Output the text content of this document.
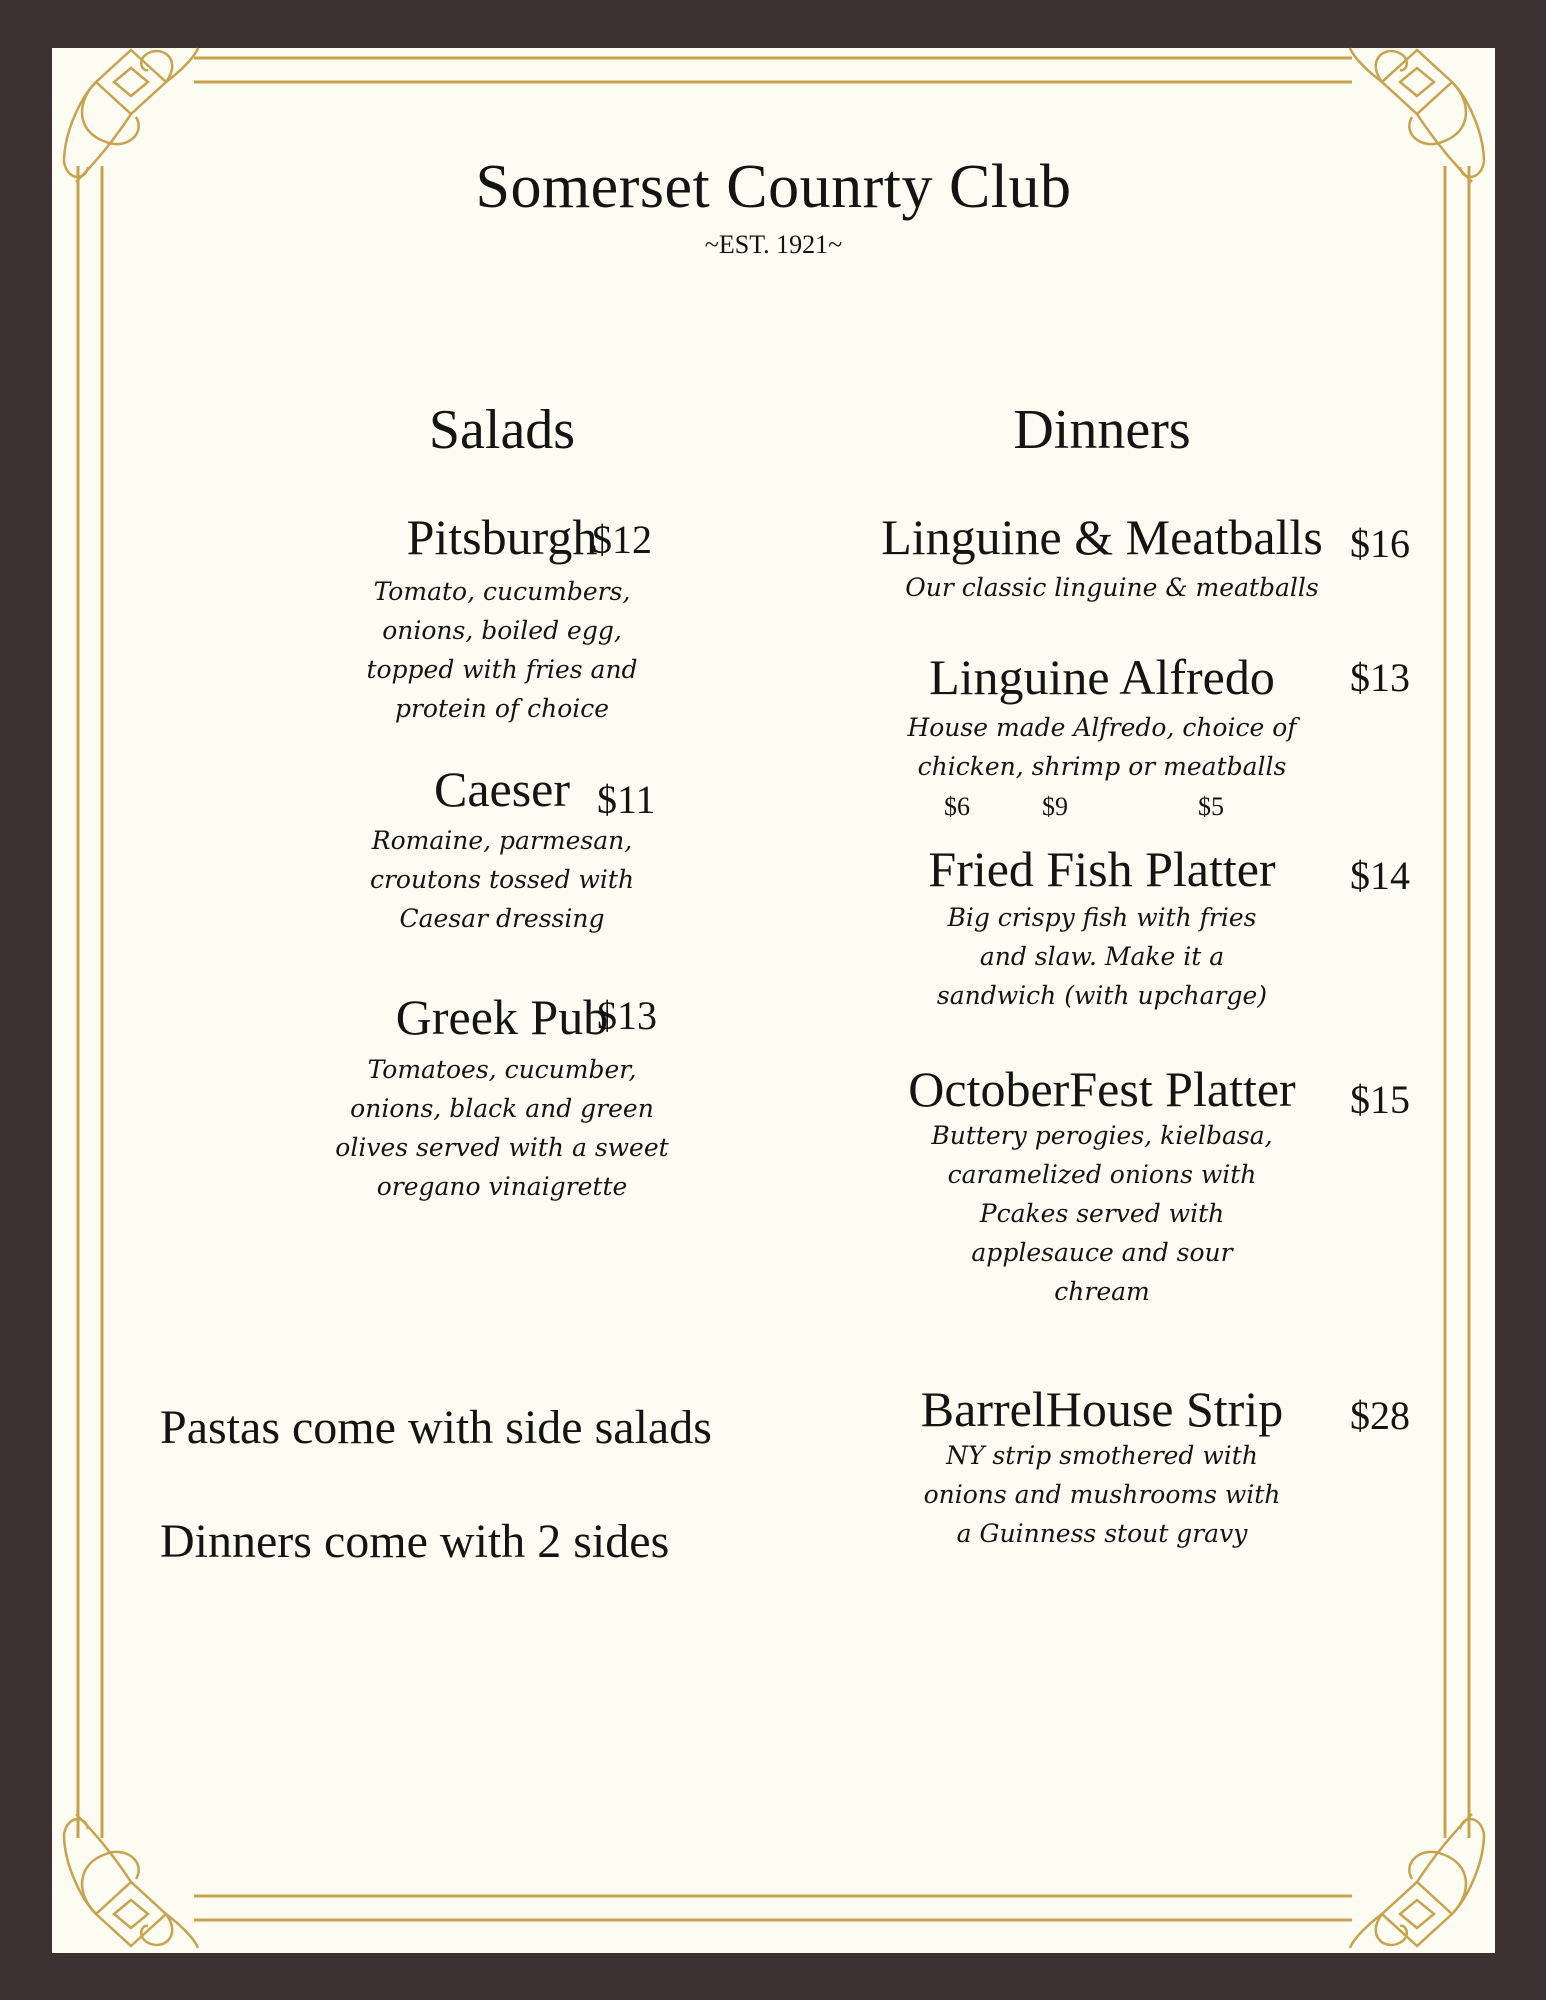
Somerset Counrty Club
~EST. 1921~
Salads
Pitsburgh
$12
Tomato, cucumbers,
onions, boiled egg,
topped with fries and
protein of choice
Caeser $11
Romaine, parmesan,
croutons tossed with
Caesar dressing
Greek Pub
$13
Tomatoes, cucumber,
onions, black and green
olives served with a sweet
oregano vinaigrette
Pastas come with side salads
Dinners come with 2 sides
Dinners
Linguine & Meatballs $16
Our classic linguine & meatballs
Linguine Alfredo	$13
House made Alfredo, choice of
chicken, shrimp or meatballs
$6	$9	$5
Fried Fish Platter	$14
Big crispy fish with fries
and slaw. Make it a
sandwich (with upcharge)
OctoberFest Platter	$15
Buttery perogies, kielbasa,
caramelized onions with
Pcakes served with
applesauce and sour
chream
BarrelHouse Strip	$28
NY strip smothered with
onions and mushrooms with
a Guinness stout gravy
